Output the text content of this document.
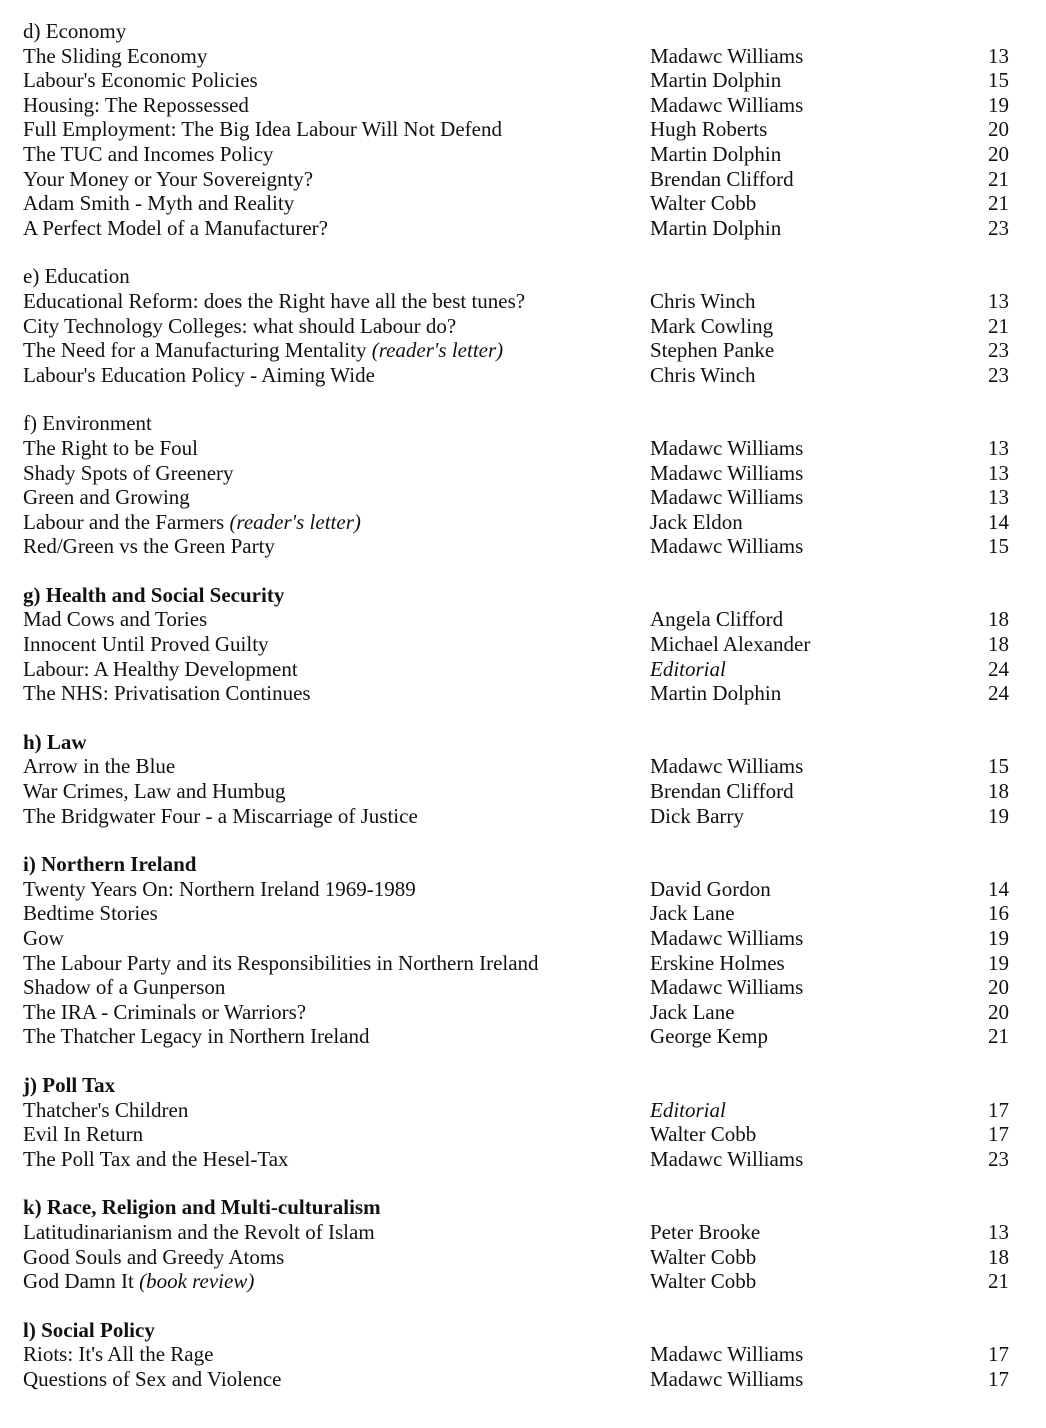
d) Economy
The Sliding Economy	Madawc Williams	13
Labour's Economic Policies	Martin Dolphin	15
Housing: The Repossessed	Madawc Williams	19
Full Employment: The Big Idea Labour Will Not Defend	Hugh Roberts	20
The TUC and Incomes Policy	Martin Dolphin	20
Your Money or Your Sovereignty?	Brendan Clifford	21
Adam Smith - Myth and Reality	Walter Cobb	21
A Perfect Model of a Manufacturer?	Martin Dolphin	23
e) Education
Educational Reform: does the Right have all the best tunes?	Chris Winch	13
City Technology Colleges: what should Labour do?	Mark Cowling	21
The Need for a Manufacturing Mentality (reader's letter)	Stephen Panke	23
Labour's Education Policy - Aiming Wide	Chris Winch	23
f) Environment
The Right to be Foul	Madawc Williams	13
Shady Spots of Greenery	Madawc Williams	13
Green and Growing	Madawc Williams	13
Labour and the Farmers (reader's letter)	Jack Eldon	14
Red/Green vs the Green Party	Madawc Williams	15
g) Health and Social Security
Mad Cows and Tories	Angela Clifford	18
Innocent Until Proved Guilty	Michael Alexander	18
Labour: A Healthy Development	Editorial	24
The NHS: Privatisation Continues	Martin Dolphin	24
h) Law
Arrow in the Blue	Madawc Williams	15
War Crimes, Law and Humbug	Brendan Clifford	18
The Bridgwater Four - a Miscarriage of Justice	Dick Barry	19
i) Northern Ireland
Twenty Years On: Northern Ireland 1969-1989	David Gordon	14
Bedtime Stories	Jack Lane	16
Gow	Madawc Williams	19
The Labour Party and its Responsibilities in Northern Ireland	Erskine Holmes	19
Shadow of a Gunperson	Madawc Williams	20
The IRA - Criminals or Warriors?	Jack Lane	20
The Thatcher Legacy in Northern Ireland	George Kemp	21
j) Poll Tax
Thatcher's Children	Editorial	17
Evil In Return	Walter Cobb	17
The Poll Tax and the Hesel-Tax	Madawc Williams	23
k) Race, Religion and Multi-culturalism
Latitudinarianism and the Revolt of Islam	Peter Brooke	13
Good Souls and Greedy Atoms	Walter Cobb	18
God Damn It (book review)	Walter Cobb	21
l) Social Policy
Riots: It's All the Rage	Madawc Williams	17
Questions of Sex and Violence	Madawc Williams	17
